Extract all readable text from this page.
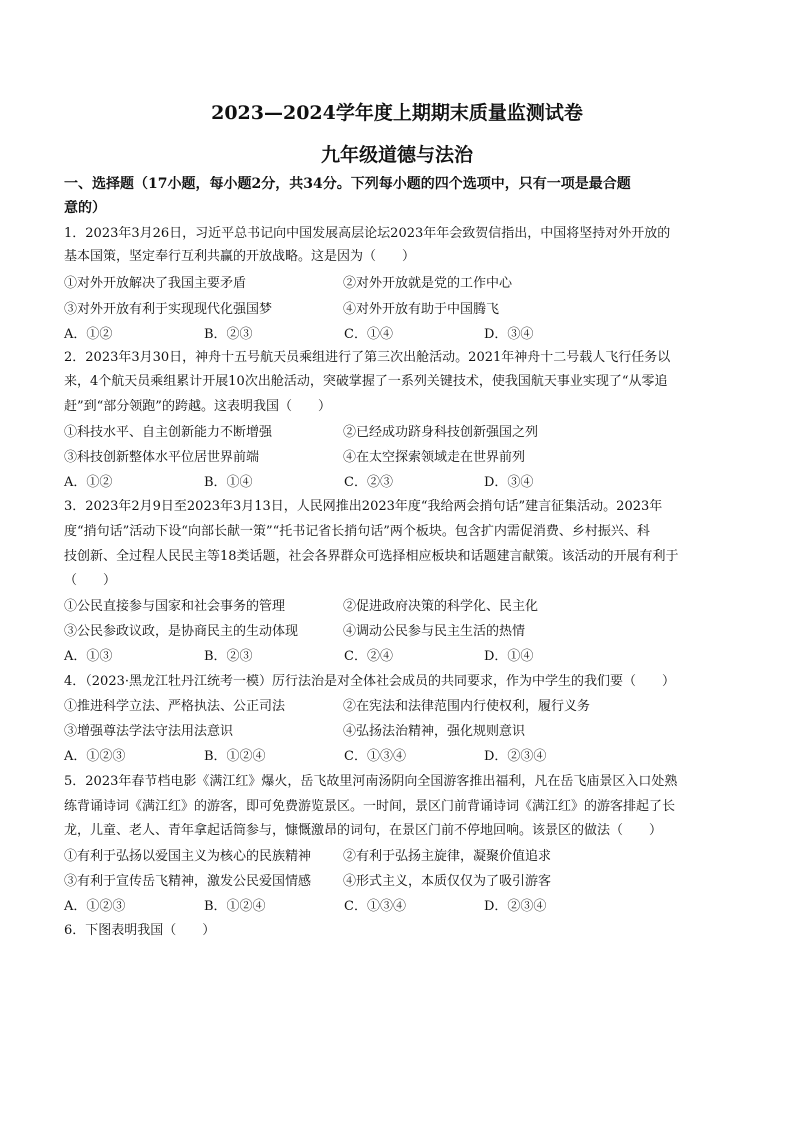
2023—2024学年度上期期末质量监测试卷
九年级道德与法治
一、选择题（17小题，每小题2分，共34分。下列每小题的四个选项中，只有一项是最合题
意的）
1．2023年3月26日，习近平总书记向中国发展高层论坛2023年年会致贺信指出，中国将坚持对外开放的
基本国策，坚定奉行互利共赢的开放战略。这是因为（　　）
①对外开放解决了我国主要矛盾	②对外开放就是党的工作中心
③对外开放有利于实现现代化强国梦	④对外开放有助于中国腾飞
A．①②	B．②③	C．①④	D．③④
2．2023年3月30日，神舟十五号航天员乘组进行了第三次出舱活动。2021年神舟十二号载人飞行任务以
来，4个航天员乘组累计开展10次出舱活动，突破掌握了一系列关键技术，使我国航天事业实现了“从零追
赶”到“部分领跑”的跨越。这表明我国（　　）
①科技水平、自主创新能力不断增强	②已经成功跻身科技创新强国之列
③科技创新整体水平位居世界前端	④在太空探索领域走在世界前列
A．①②	B．①④	C．②③	D．③④
3．2023年2月9日至2023年3月13日，人民网推出2023年度“我给两会捎句话”建言征集活动。2023年
度“捎句话”活动下设“向部长献一策”“托书记省长捎句话”两个板块。包含扩内需促消费、乡村振兴、科
技创新、全过程人民民主等18类话题，社会各界群众可选择相应板块和话题建言献策。该活动的开展有利于
（　　）
①公民直接参与国家和社会事务的管理	②促进政府决策的科学化、民主化
③公民参政议政，是协商民主的生动体现	④调动公民参与民主生活的热情
A．①③	B．②③	C．②④	D．①④
4．（2023·黑龙江牡丹江统考一模）厉行法治是对全体社会成员的共同要求，作为中学生的我们要（　　）
①推进科学立法、严格执法、公正司法	②在宪法和法律范围内行使权利，履行义务
③增强尊法学法守法用法意识	④弘扬法治精神，强化规则意识
A．①②③	B．①②④	C．①③④	D．②③④
5．2023年春节档电影《满江红》爆火，岳飞故里河南汤阴向全国游客推出福利，凡在岳飞庙景区入口处熟
练背诵诗词《满江红》的游客，即可免费游览景区。一时间，景区门前背诵诗词《满江红》的游客排起了长
龙，儿童、老人、青年拿起话筒参与，慷慨激昂的词句，在景区门前不停地回响。该景区的做法（　　）
①有利于弘扬以爱国主义为核心的民族精神 ②有利于弘扬主旋律，凝聚价值追求
③有利于宣传岳飞精神，激发公民爱国情感 ④形式主义，本质仅仅为了吸引游客
A．①②③	B．①②④	C．①③④	D．②③④
6．下图表明我国（　　）
